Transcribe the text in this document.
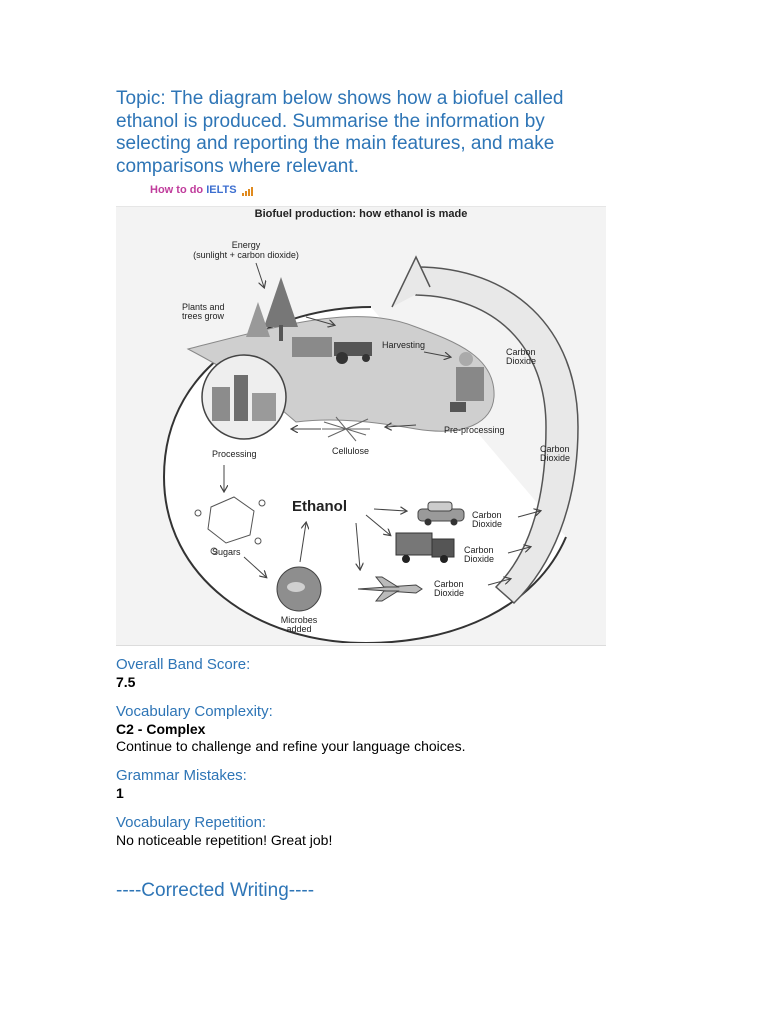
Topic: The diagram below shows how a biofuel called ethanol is produced. Summarise the information by selecting and reporting the main features, and make comparisons where relevant.
How to do IELTS
Biofuel production: how ethanol is made
Energy
(sunlight + carbon dioxide)
Plants and
trees grow
Harvesting
Pre-processing
Cellulose
Processing
Sugars
Microbes
added
Ethanol	Carbon
Dioxide
Carbon
Dioxide
Carbon
Dioxide
Carbon
Dioxide
Carbon
Dioxide
Overall Band Score:
7.5
Vocabulary Complexity:
C2 - Complex
Continue to challenge and refine your language choices.
Grammar Mistakes:
1
Vocabulary Repetition:
No noticeable repetition! Great job!
----Corrected Writing----
